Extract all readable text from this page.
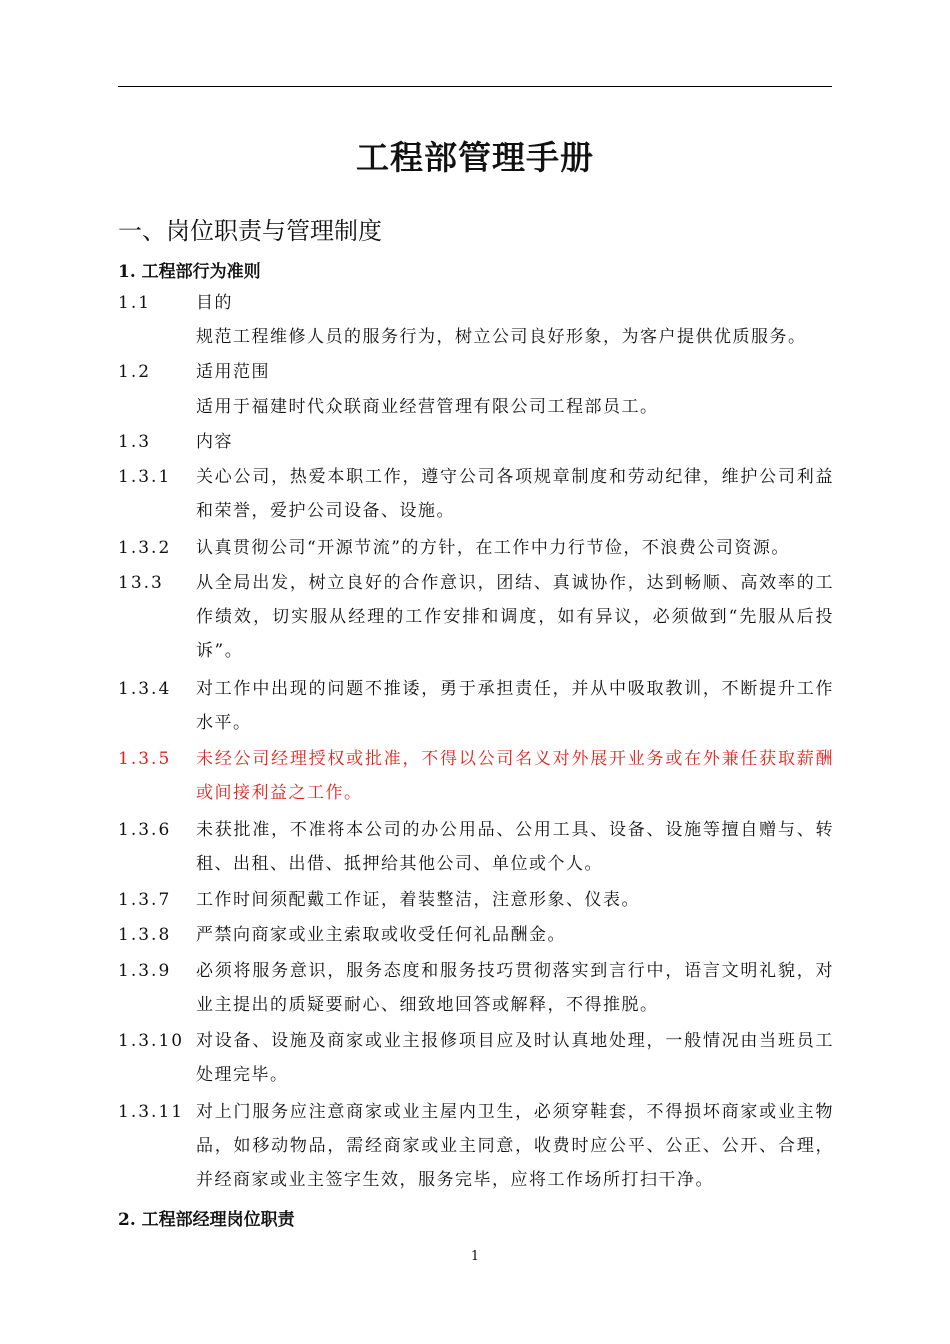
工程部管理手册
一、岗位职责与管理制度
1. 工程部行为准则
1.1	目的
规范工程维修人员的服务行为，树立公司良好形象，为客户提供优质服务。
1.2	适用范围
适用于福建时代众联商业经营管理有限公司工程部员工。
1.3	内容
1.3.1 关心公司，热爱本职工作，遵守公司各项规章制度和劳动纪律，维护公司利益和荣誉，爱护公司设备、设施。
1.3.2 认真贯彻公司“开源节流”的方针，在工作中力行节俭，不浪费公司资源。
13.3 从全局出发，树立良好的合作意识，团结、真诚协作，达到畅顺、高效率的工作绩效，切实服从经理的工作安排和调度，如有异议，必须做到“先服从后投诉”。
1.3.4 对工作中出现的问题不推诿，勇于承担责任，并从中吸取教训，不断提升工作水平。
1.3.5 未经公司经理授权或批准，不得以公司名义对外展开业务或在外兼任获取薪酬或间接利益之工作。
1.3.6 未获批准，不准将本公司的办公用品、公用工具、设备、设施等擅自赠与、转租、出租、出借、抵押给其他公司、单位或个人。
1.3.7 工作时间须配戴工作证，着装整洁，注意形象、仪表。
1.3.8 严禁向商家或业主索取或收受任何礼品酬金。
1.3.9 必须将服务意识，服务态度和服务技巧贯彻落实到言行中，语言文明礼貌，对业主提出的质疑要耐心、细致地回答或解释，不得推脱。
1.3.10 对设备、设施及商家或业主报修项目应及时认真地处理，一般情况由当班员工处理完毕。
1.3.11 对上门服务应注意商家或业主屋内卫生，必须穿鞋套，不得损坏商家或业主物品，如移动物品，需经商家或业主同意，收费时应公平、公正、公开、合理，并经商家或业主签字生效，服务完毕，应将工作场所打扫干净。
2. 工程部经理岗位职责
1
